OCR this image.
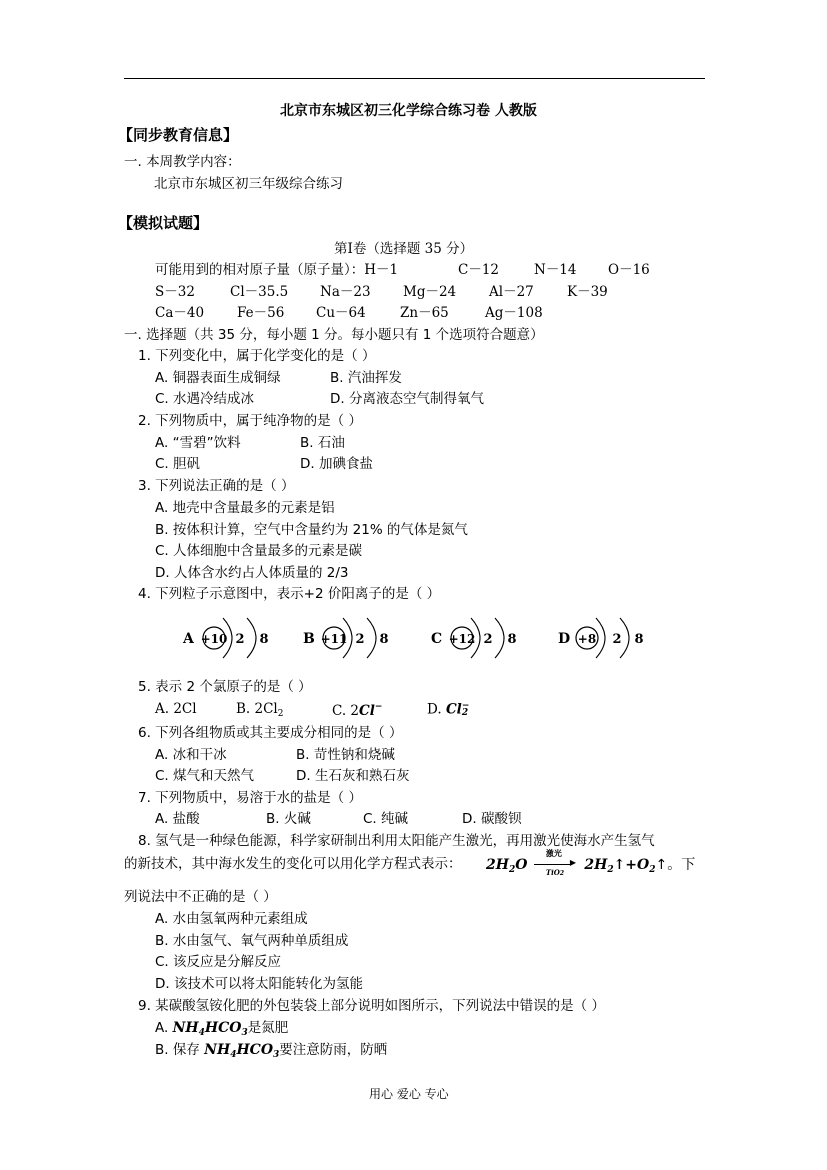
北京市东城区初三化学综合练习卷 人教版
【同步教育信息】
一. 本周教学内容：
北京市东城区初三年级综合练习
【模拟试题】
第Ⅰ卷（选择题 35 分）
可能用到的相对原子量（原子量）：H－1	C－12	N－14 O－16
S－32	Cl－35.5 Na－23 Mg－24 Al－27 K－39
Ca－40 Fe－56 Cu－64	Zn－65	Ag－108
一. 选择题（共 35 分，每小题 1 分。每小题只有 1 个选项符合题意）
1. 下列变化中，属于化学变化的是（ ）
A. 铜器表面生成铜绿	B. 汽油挥发
C. 水遇冷结成冰	D. 分离液态空气制得氧气
2. 下列物质中，属于纯净物的是（ ）
A. “雪碧”饮料	B. 石油
C. 胆矾	D. 加碘食盐
3. 下列说法正确的是（ ）
A. 地壳中含量最多的元素是铝
B. 按体积计算，空气中含量约为 21% 的气体是氮气
C. 人体细胞中含量最多的元素是碳
D. 人体含水约占人体质量的 2/3
4. 下列粒子示意图中，表示+2 价阳离子的是（ ）
A +10 2 8 B +11 2 8	C +12 2 8	D +8 2 8
5. 表示 2 个氯原子的是（ ）
A. 2Cl	B. $2Cl_2$	C. 2Cl−	D. Cl −
2
6. 下列各组物质或其主要成分相同的是（ ）
A. 冰和干冰	B. 苛性钠和烧碱
C. 煤气和天然气	D. 生石灰和熟石灰
7. 下列物质中，易溶于水的盐是（ ）
A. 盐酸	B. 火碱	C. 纯碱	D. 碳酸钡
8. 氢气是一种绿色能源，科学家研制出利用太阳能产生激光，再用激光使海水产生氢气
的新技术，其中海水发生的变化可以用化学方程式表示： $2H_2O$
激光
▶
TiO2
$2H_2↑+O_2↑$。下
列说法中不正确的是（ ）
A. 水由氢氧两种元素组成
B. 水由氢气、氧气两种单质组成
C. 该反应是分解反应
D. 该技术可以将太阳能转化为氢能
9. 某碳酸氢铵化肥的外包装袋上部分说明如图所示，下列说法中错误的是（ ）
A. $NH_4HCO_3$是氮肥
B. 保存 $NH_4HCO_3$要注意防雨，防晒
用心 爱心 专心
